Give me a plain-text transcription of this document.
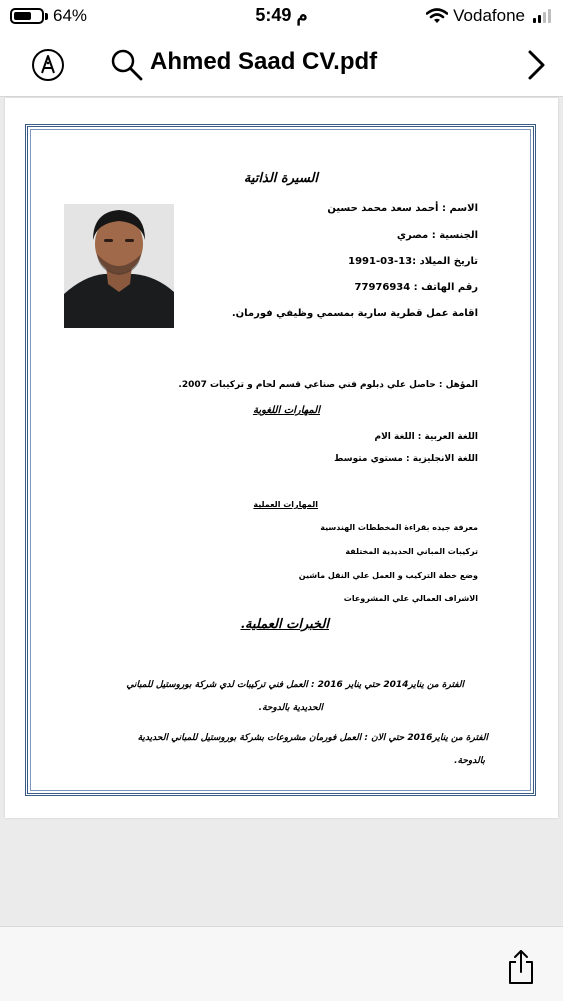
64%	5:49 م	Vodafone
Ahmed Saad CV.pdf
السيرة الذاتية
الاسم : أحمد سعد محمد حسين
الجنسية : مصري
تاريخ الميلاد :13-03-1991
رقم الهاتف : 77976934
اقامة عمل قطرية سارية بمسمي وظيفي فورمان.
المؤهل : حاصل علي دبلوم فني صناعي قسم لحام و تركيبات 2007.
المهارات اللغوية
اللغة العربية : اللغة الام
اللغة الانجليزية : مستوي متوسط
المهارات العملية
معرفة جيده بقراءة المخططات الهندسية
تركيبات المباني الحديدية المختلفة
وضع خطة التركيب و العمل علي النقل ماشين
الاشراف العمالي علي المشروعات
الخبرات العملية.
الفترة من يناير2014 حتي يناير 2016 : العمل فني تركيبات لدي شركة بوروستيل للمباني
الحديدية بالدوحة.
الفترة من يناير2016 حتي الان : العمل فورمان مشروعات بشركة بوروستيل للمباني الحديدية
بالدوحة.
